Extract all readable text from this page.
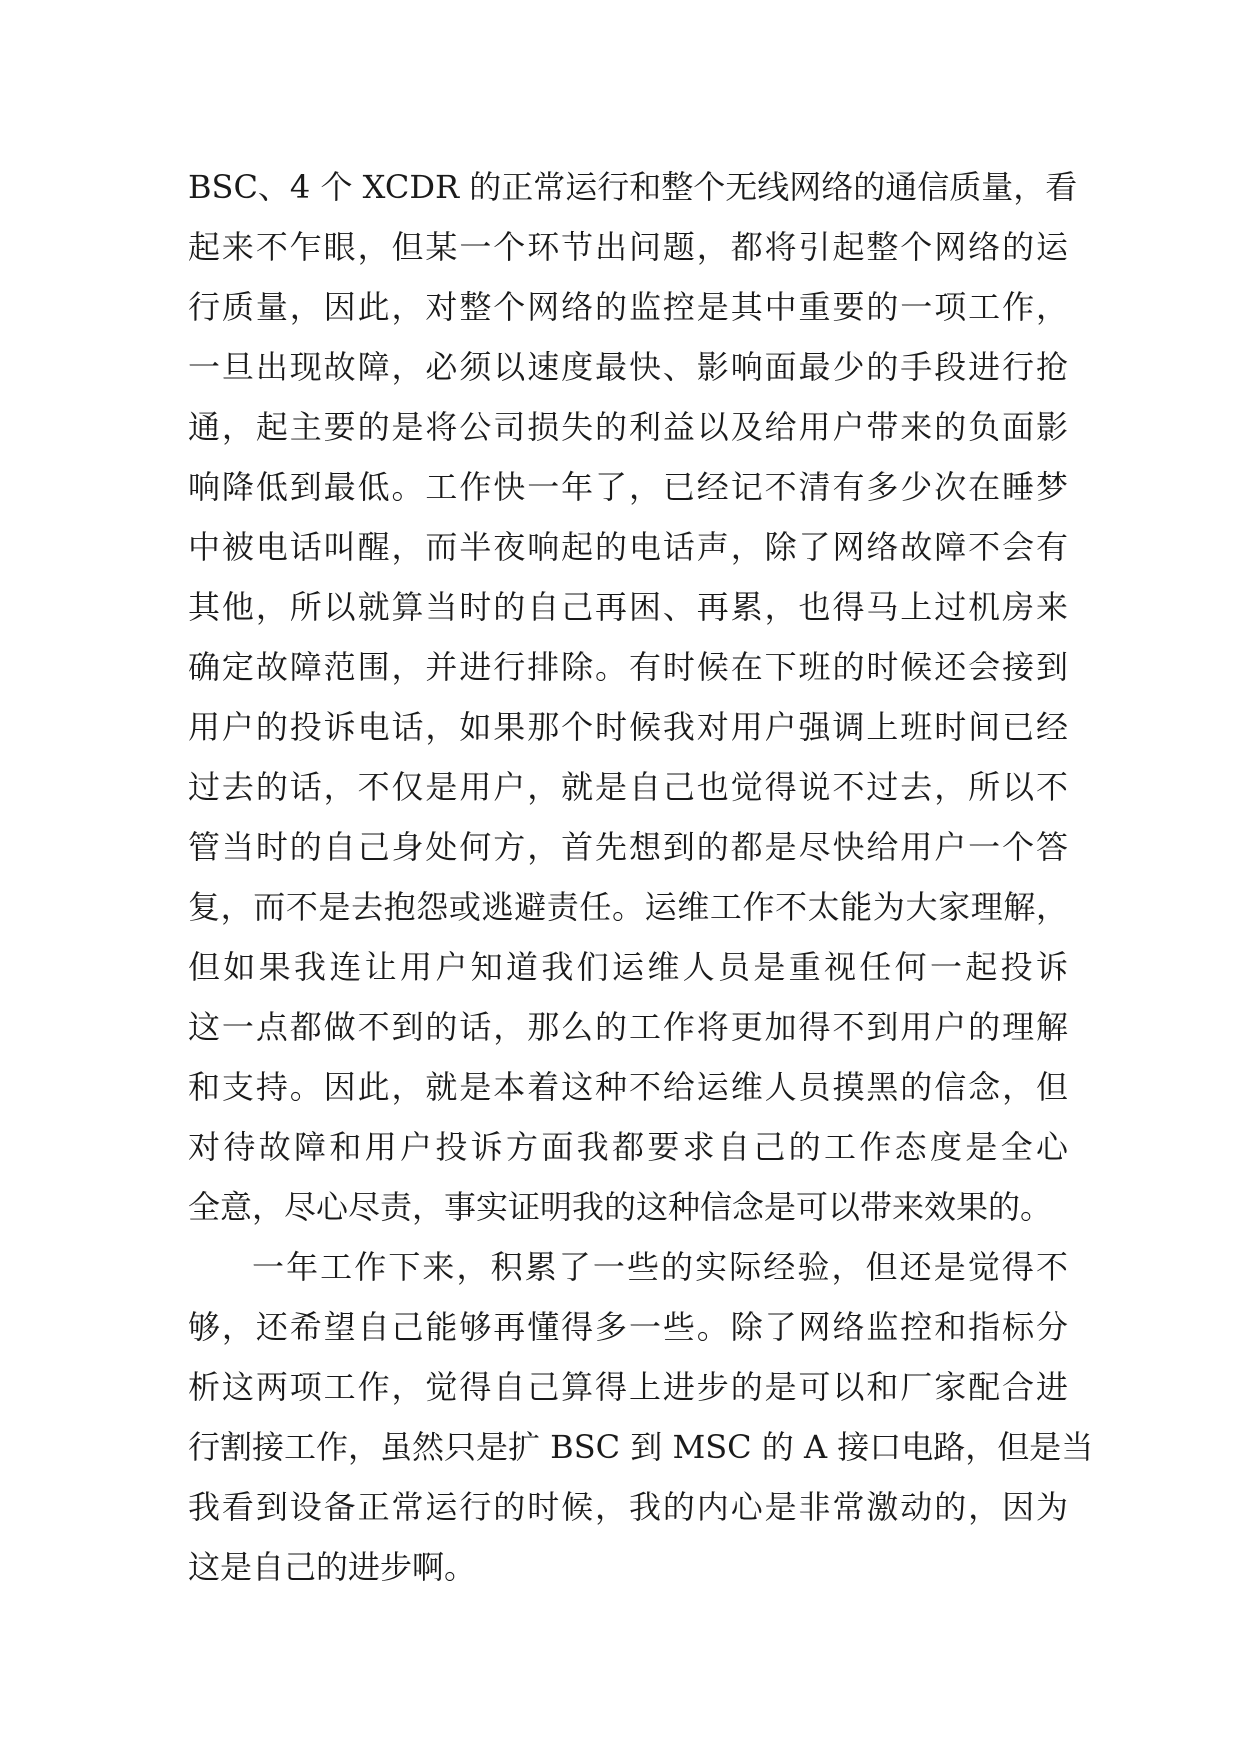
BSC、4 个 XCDR 的正常运行和整个无线网络的通信质量，看
起来不乍眼，但某一个环节出问题，都将引起整个网络的运
行质量，因此，对整个网络的监控是其中重要的一项工作，
一旦出现故障，必须以速度最快、影响面最少的手段进行抢
通，起主要的是将公司损失的利益以及给用户带来的负面影
响降低到最低。工作快一年了，已经记不清有多少次在睡梦
中被电话叫醒，而半夜响起的电话声，除了网络故障不会有
其他，所以就算当时的自己再困、再累，也得马上过机房来
确定故障范围，并进行排除。有时候在下班的时候还会接到
用户的投诉电话，如果那个时候我对用户强调上班时间已经
过去的话，不仅是用户，就是自己也觉得说不过去，所以不
管当时的自己身处何方，首先想到的都是尽快给用户一个答
复，而不是去抱怨或逃避责任。运维工作不太能为大家理解，
但如果我连让用户知道我们运维人员是重视任何一起投诉
这一点都做不到的话，那么的工作将更加得不到用户的理解
和支持。因此，就是本着这种不给运维人员摸黑的信念，但
对待故障和用户投诉方面我都要求自己的工作态度是全心
全意，尽心尽责，事实证明我的这种信念是可以带来效果的。
一年工作下来，积累了一些的实际经验，但还是觉得不
够，还希望自己能够再懂得多一些。除了网络监控和指标分
析这两项工作，觉得自己算得上进步的是可以和厂家配合进
行割接工作，虽然只是扩 BSC 到 MSC 的 A 接口电路，但是当
我看到设备正常运行的时候，我的内心是非常激动的，因为
这是自己的进步啊。
